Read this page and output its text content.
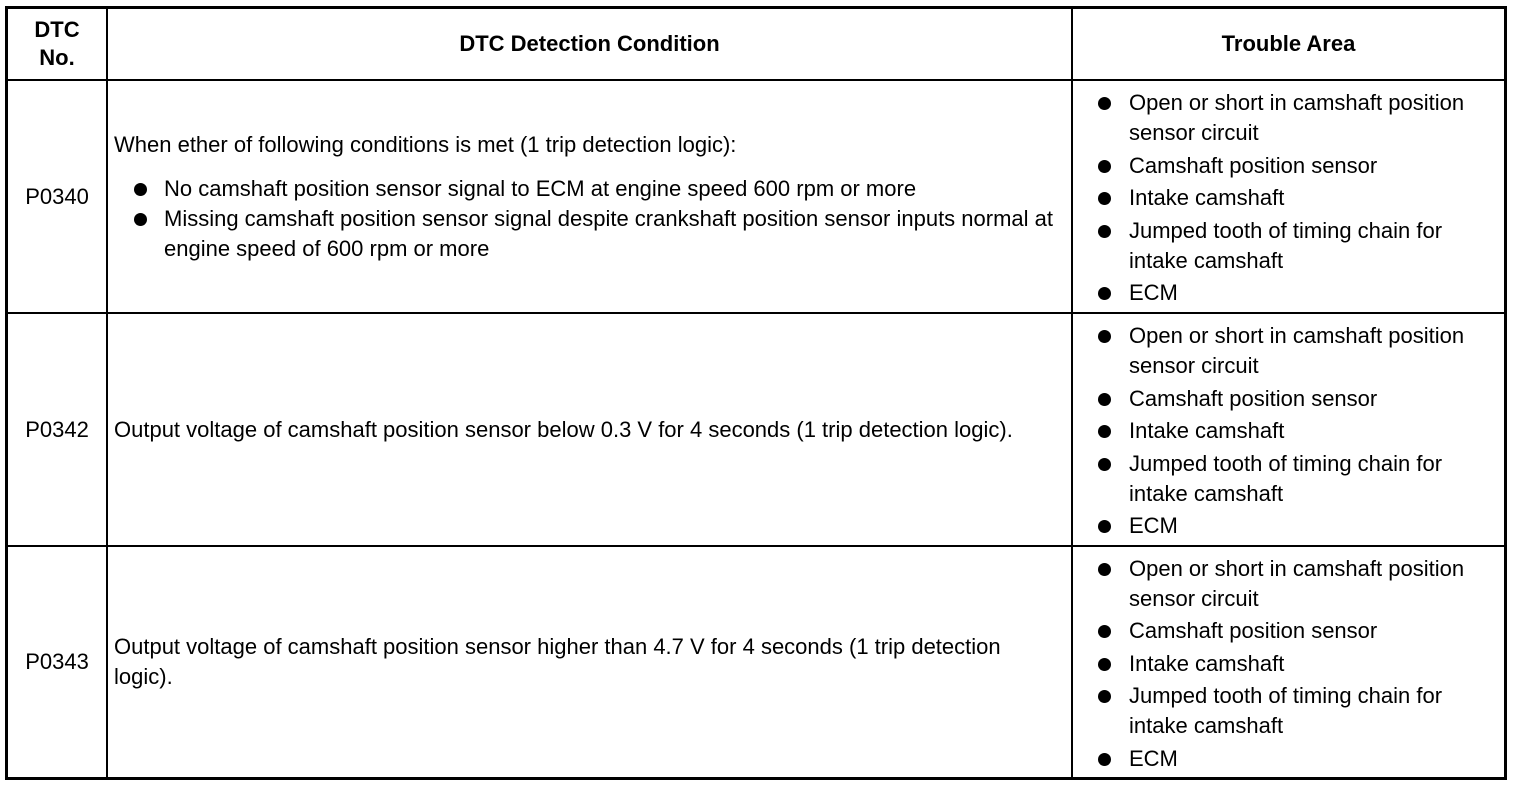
DTC No.
DTC Detection Condition	Trouble Area
P0340

When ether of following conditions is met (1 trip detection logic):

No camshaft position sensor signal to ECM at engine speed 600 rpm or more
Missing camshaft position sensor signal despite crankshaft position sensor inputs normal at engine speed of 600 rpm or more
Open or short in camshaft position sensor circuit
Camshaft position sensor
Intake camshaft
Jumped tooth of timing chain for intake camshaft
ECM
P0342	Output voltage of camshaft position sensor below 0.3 V for 4 seconds (1 trip detection logic).

Open or short in camshaft position sensor circuit
Camshaft position sensor
Intake camshaft
Jumped tooth of timing chain for intake camshaft
ECM
P0343

Output voltage of camshaft position sensor higher than 4.7 V for 4 seconds (1 trip detection logic).

Open or short in camshaft position sensor circuit
Camshaft position sensor
Intake camshaft
Jumped tooth of timing chain for intake camshaft
ECM
